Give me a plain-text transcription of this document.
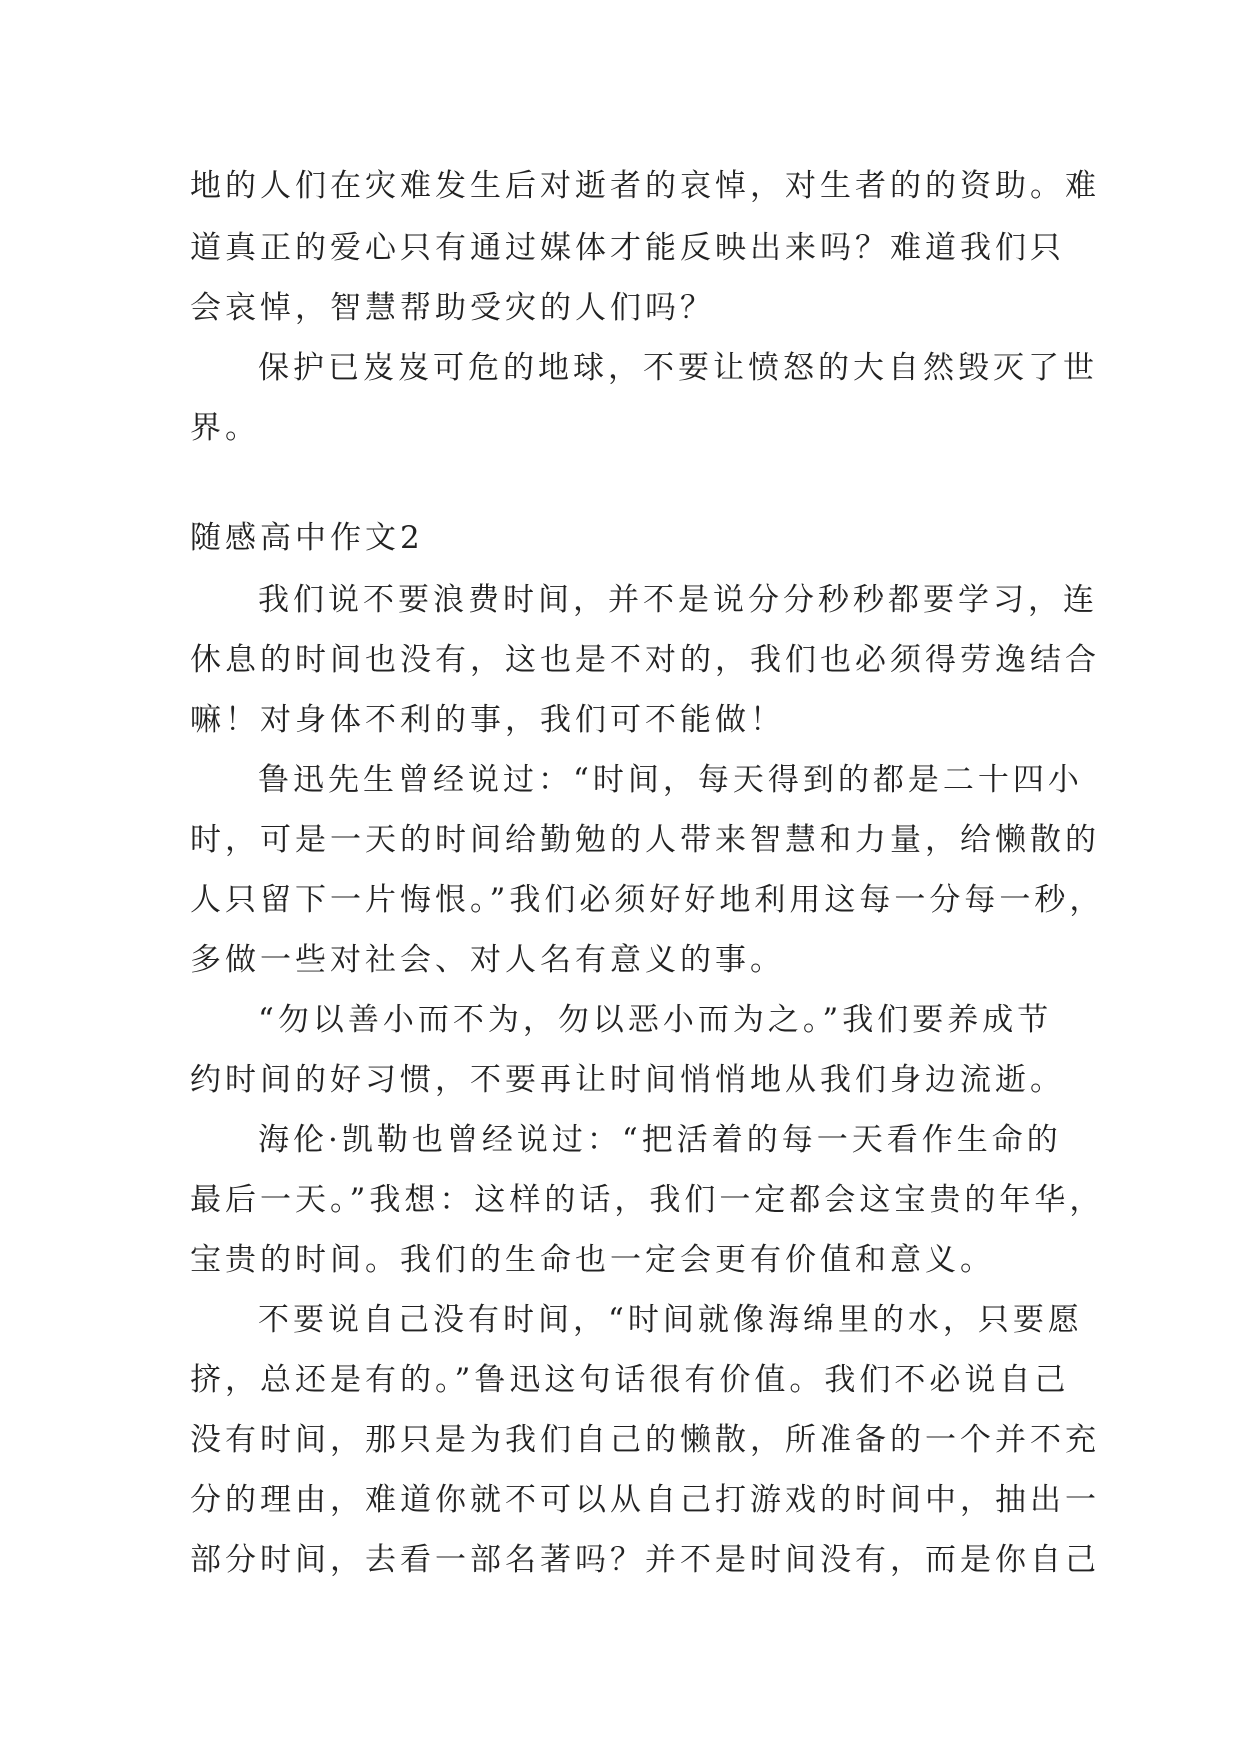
地的人们在灾难发生后对逝者的哀悼，对生者的的资助。难
道真正的爱心只有通过媒体才能反映出来吗？难道我们只
会哀悼，智慧帮助受灾的人们吗？
保护已岌岌可危的地球，不要让愤怒的大自然毁灭了世
界。
随感高中作文2
我们说不要浪费时间，并不是说分分秒秒都要学习，连
休息的时间也没有，这也是不对的，我们也必须得劳逸结合
嘛！对身体不利的事，我们可不能做！
鲁迅先生曾经说过：“时间，每天得到的都是二十四小
时，可是一天的时间给勤勉的人带来智慧和力量，给懒散的
人只留下一片悔恨。”我们必须好好地利用这每一分每一秒，
多做一些对社会、对人名有意义的事。
“勿以善小而不为，勿以恶小而为之。”我们要养成节
约时间的好习惯，不要再让时间悄悄地从我们身边流逝。
海伦·凯勒也曾经说过：“把活着的每一天看作生命的
最后一天。”我想：这样的话，我们一定都会这宝贵的年华，
宝贵的时间。我们的生命也一定会更有价值和意义。
不要说自己没有时间，“时间就像海绵里的水，只要愿
挤，总还是有的。”鲁迅这句话很有价值。我们不必说自己
没有时间，那只是为我们自己的懒散，所准备的一个并不充
分的理由，难道你就不可以从自己打游戏的时间中，抽出一
部分时间，去看一部名著吗？并不是时间没有，而是你自己
